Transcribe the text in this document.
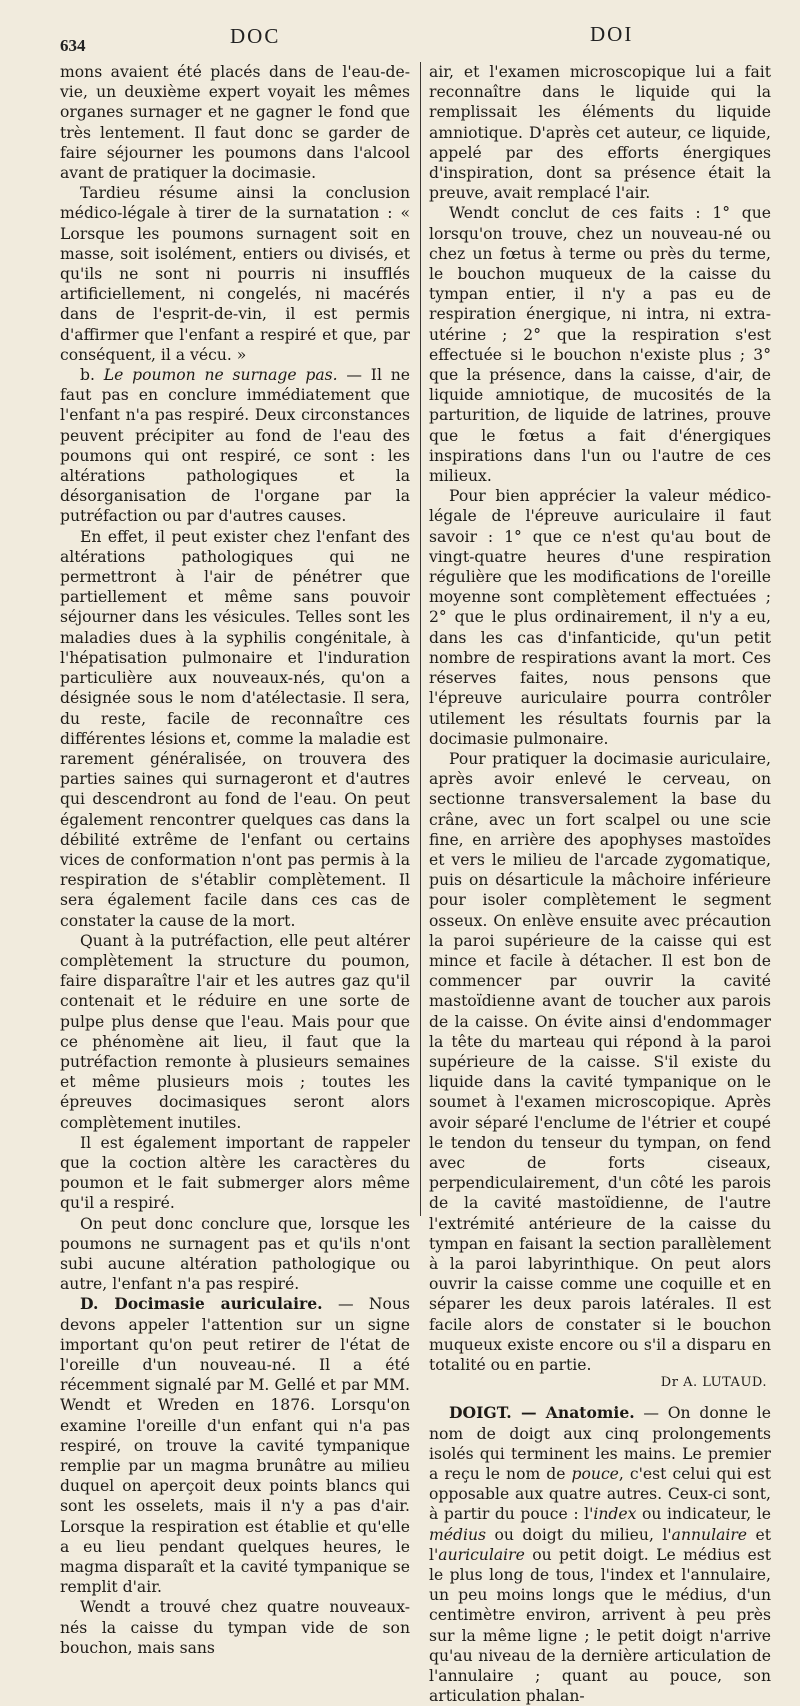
634	DOC	DOI

mons avaient été placés dans de l'eau-de-vie, un deuxième expert voyait les mêmes organes surnager et ne gagner le fond que très lentement. Il faut donc se garder de faire séjourner les poumons dans l'alcool avant de pratiquer la docimasie.

Tardieu résume ainsi la conclusion médico-légale à tirer de la surnatation : « Lorsque les poumons surnagent soit en masse, soit isolément, entiers ou divisés, et qu'ils ne sont ni pourris ni insufflés artificiellement, ni congelés, ni macérés dans de l'esprit-de-vin, il est permis d'affirmer que l'enfant a respiré et que, par conséquent, il a vécu. »

b. Le poumon ne surnage pas. — Il ne faut pas en conclure immédiatement que l'enfant n'a pas respiré. Deux circonstances peuvent précipiter au fond de l'eau des poumons qui ont respiré, ce sont : les altérations pathologiques et la désorganisation de l'organe par la putréfaction ou par d'autres causes.

En effet, il peut exister chez l'enfant des altérations pathologiques qui ne permettront à l'air de pénétrer que partiellement et même sans pouvoir séjourner dans les vésicules. Telles sont les maladies dues à la syphilis congénitale, à l'hépatisation pulmonaire et l'induration particulière aux nouveaux-nés, qu'on a désignée sous le nom d'atélectasie. Il sera, du reste, facile de reconnaître ces différentes lésions et, comme la maladie est rarement généralisée, on trouvera des parties saines qui surnageront et d'autres qui descendront au fond de l'eau. On peut également rencontrer quelques cas dans la débilité extrême de l'enfant ou certains vices de conformation n'ont pas permis à la respiration de s'établir complètement. Il sera également facile dans ces cas de constater la cause de la mort.

Quant à la putréfaction, elle peut altérer complètement la structure du poumon, faire disparaître l'air et les autres gaz qu'il contenait et le réduire en une sorte de pulpe plus dense que l'eau. Mais pour que ce phénomène ait lieu, il faut que la putréfaction remonte à plusieurs semaines et même plusieurs mois ; toutes les épreuves docimasiques seront alors complètement inutiles.

Il est également important de rappeler que la coction altère les caractères du poumon et le fait submerger alors même qu'il a respiré.

On peut donc conclure que, lorsque les poumons ne surnagent pas et qu'ils n'ont subi aucune altération pathologique ou autre, l'enfant n'a pas respiré.

D. Docimasie auriculaire. — Nous devons appeler l'attention sur un signe important qu'on peut retirer de l'état de l'oreille d'un nouveau-né. Il a été récemment signalé par M. Gellé et par MM. Wendt et Wreden en 1876. Lorsqu'on examine l'oreille d'un enfant qui n'a pas respiré, on trouve la cavité tympanique remplie par un magma brunâtre au milieu duquel on aperçoit deux points blancs qui sont les osselets, mais il n'y a pas d'air. Lorsque la respiration est établie et qu'elle a eu lieu pendant quelques heures, le magma disparaît et la cavité tympanique se remplit d'air.

Wendt a trouvé chez quatre nouveaux-nés la caisse du tympan vide de son bouchon, mais sans

air, et l'examen microscopique lui a fait reconnaître dans le liquide qui la remplissait les éléments du liquide amniotique. D'après cet auteur, ce liquide, appelé par des efforts énergiques d'inspiration, dont sa présence était la preuve, avait remplacé l'air.

Wendt conclut de ces faits : 1° que lorsqu'on trouve, chez un nouveau-né ou chez un fœtus à terme ou près du terme, le bouchon muqueux de la caisse du tympan entier, il n'y a pas eu de respiration énergique, ni intra, ni extra-utérine ; 2° que la respiration s'est effectuée si le bouchon n'existe plus ; 3° que la présence, dans la caisse, d'air, de liquide amniotique, de mucosités de la parturition, de liquide de latrines, prouve que le fœtus a fait d'énergiques inspirations dans l'un ou l'autre de ces milieux.

Pour bien apprécier la valeur médico-légale de l'épreuve auriculaire il faut savoir : 1° que ce n'est qu'au bout de vingt-quatre heures d'une respiration régulière que les modifications de l'oreille moyenne sont complètement effectuées ; 2° que le plus ordinairement, il n'y a eu, dans les cas d'infanticide, qu'un petit nombre de respirations avant la mort. Ces réserves faites, nous pensons que l'épreuve auriculaire pourra contrôler utilement les résultats fournis par la docimasie pulmonaire.

Pour pratiquer la docimasie auriculaire, après avoir enlevé le cerveau, on sectionne transversalement la base du crâne, avec un fort scalpel ou une scie fine, en arrière des apophyses mastoïdes et vers le milieu de l'arcade zygomatique, puis on désarticule la mâchoire inférieure pour isoler complètement le segment osseux. On enlève ensuite avec précaution la paroi supérieure de la caisse qui est mince et facile à détacher. Il est bon de commencer par ouvrir la cavité mastoïdienne avant de toucher aux parois de la caisse. On évite ainsi d'endommager la tête du marteau qui répond à la paroi supérieure de la caisse. S'il existe du liquide dans la cavité tympanique on le soumet à l'examen microscopique. Après avoir séparé l'enclume de l'étrier et coupé le tendon du tenseur du tympan, on fend avec de forts ciseaux, perpendiculairement, d'un côté les parois de la cavité mastoïdienne, de l'autre l'extrémité antérieure de la caisse du tympan en faisant la section parallèlement à la paroi labyrinthique. On peut alors ouvrir la caisse comme une coquille et en séparer les deux parois latérales. Il est facile alors de constater si le bouchon muqueux existe encore ou s'il a disparu en totalité ou en partie.

Dr A. LUTAUD.

DOIGT. — Anatomie. — On donne le nom de doigt aux cinq prolongements isolés qui terminent les mains. Le premier a reçu le nom de pouce, c'est celui qui est opposable aux quatre autres. Ceux-ci sont, à partir du pouce : l'index ou indicateur, le médius ou doigt du milieu, l'annulaire et l'auriculaire ou petit doigt. Le médius est le plus long de tous, l'index et l'annulaire, un peu moins longs que le médius, d'un centimètre environ, arrivent à peu près sur la même ligne ; le petit doigt n'arrive qu'au niveau de la dernière articulation de l'annulaire ; quant au pouce, son articulation phalan-
